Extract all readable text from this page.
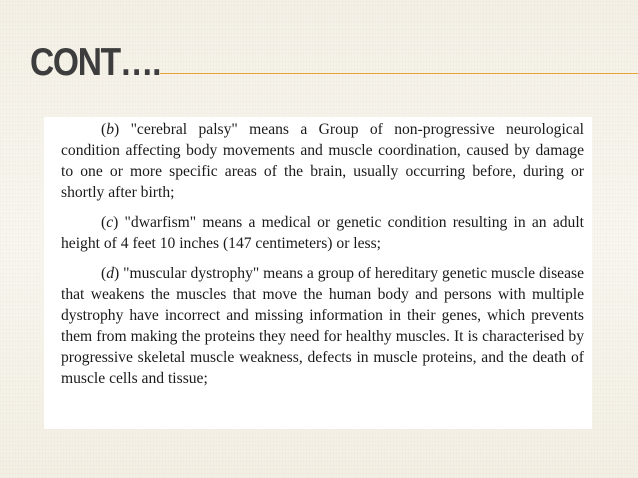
CONT….

(b) "cerebral palsy" means a Group of non-progressive neurological condition affecting body movements and muscle coordination, caused by damage to one or more specific areas of the brain, usually occurring before, during or shortly after birth;

(c) "dwarfism" means a medical or genetic condition resulting in an adult height of 4 feet 10 inches (147 centimeters) or less;

(d) "muscular dystrophy" means a group of hereditary genetic muscle disease that weakens the muscles that move the human body and persons with multiple dystrophy have incorrect and missing information in their genes, which prevents them from making the proteins they need for healthy muscles. It is characterised by progressive skeletal muscle weakness, defects in muscle proteins, and the death of muscle cells and tissue;
